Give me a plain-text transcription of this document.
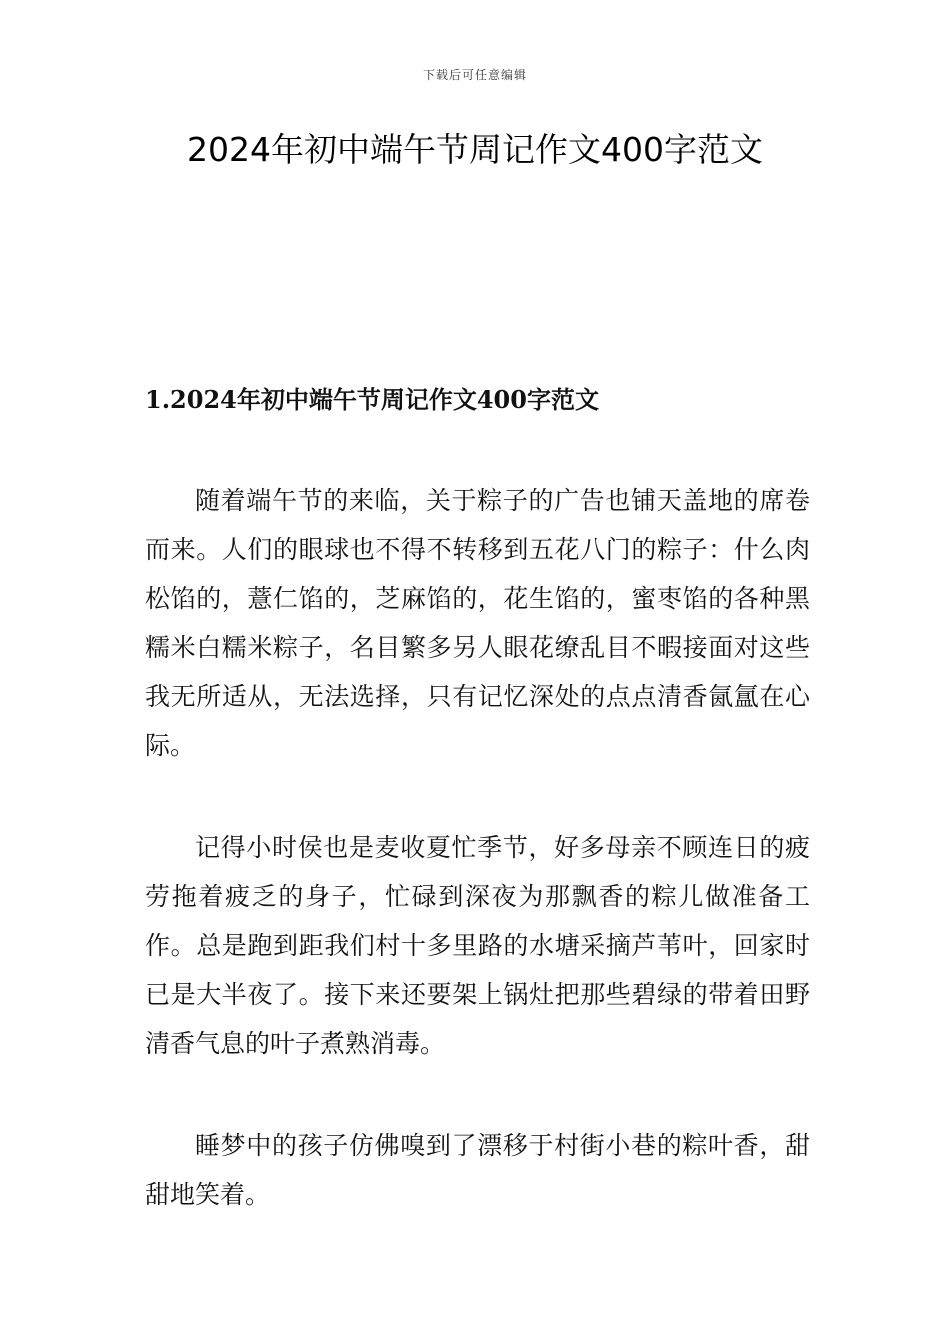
下载后可任意编辑
2024年初中端午节周记作文400字范文
1.2024年初中端午节周记作文400字范文

随着端午节的来临，关于粽子的广告也铺天盖地的席卷而来。人们的眼球也不得不转移到五花八门的粽子：什么肉松馅的，薏仁馅的，芝麻馅的，花生馅的，蜜枣馅的各种黑糯米白糯米粽子，名目繁多另人眼花缭乱目不暇接面对这些我无所适从，无法选择，只有记忆深处的点点清香氤氲在心际。

记得小时侯也是麦收夏忙季节，好多母亲不顾连日的疲劳拖着疲乏的身子，忙碌到深夜为那飘香的粽儿做准备工作。总是跑到距我们村十多里路的水塘采摘芦苇叶，回家时已是大半夜了。接下来还要架上锅灶把那些碧绿的带着田野清香气息的叶子煮熟消毒。

睡梦中的孩子仿佛嗅到了漂移于村街小巷的粽叶香，甜甜地笑着。
